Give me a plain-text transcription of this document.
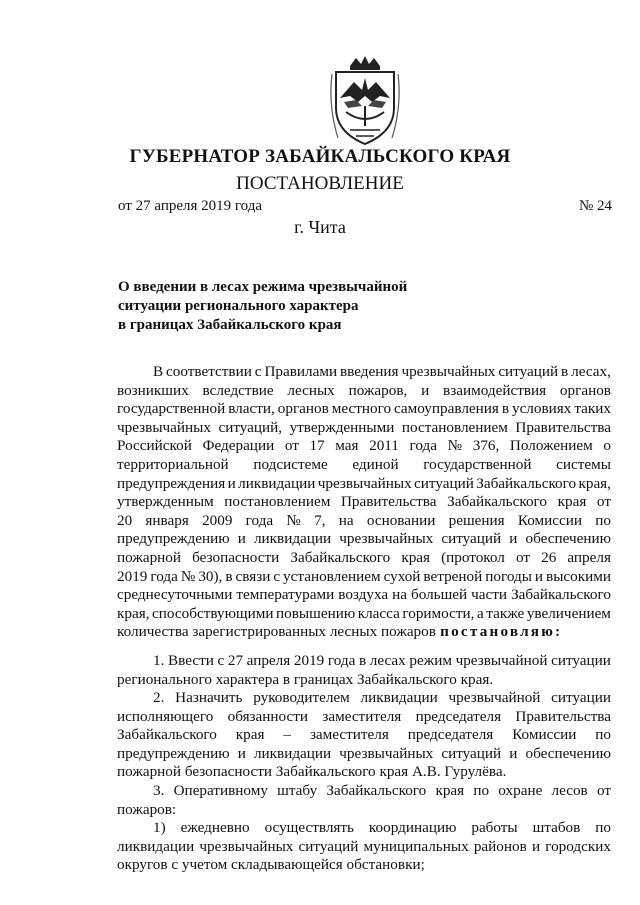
ГУБЕРНАТОР ЗАБАЙКАЛЬСКОГО КРАЯ
ПОСТАНОВЛЕНИЕ
от 27 апреля 2019 года	№ 24
г. Чита
О введении в лесах режима чрезвычайной
ситуации регионального характера
в границах Забайкальского края
В соответствии с Правилами введения чрезвычайных ситуаций в лесах,
возникших вследствие лесных пожаров, и взаимодействия органов
государственной власти, органов местного самоуправления в условиях таких
чрезвычайных ситуаций, утвержденными постановлением Правительства
Российской Федерации от 17 мая 2011 года № 376, Положением о
территориальной подсистеме единой государственной системы
предупреждения и ликвидации чрезвычайных ситуаций Забайкальского края,
утвержденным постановлением Правительства Забайкальского края от
20 января 2009 года № 7, на основании решения Комиссии по
предупреждению и ликвидации чрезвычайных ситуаций и обеспечению
пожарной безопасности Забайкальского края (протокол от 26 апреля
2019 года № 30), в связи с установлением сухой ветреной погоды и высокими
среднесуточными температурами воздуха на большей части Забайкальского
края, способствующими повышению класса горимости, а также увеличением
количества зарегистрированных лесных пожаров постановляю:
1. Ввести с 27 апреля 2019 года в лесах режим чрезвычайной ситуации
регионального характера в границах Забайкальского края.
2. Назначить руководителем ликвидации чрезвычайной ситуации
исполняющего обязанности заместителя председателя Правительства
Забайкальского края – заместителя председателя Комиссии по
предупреждению и ликвидации чрезвычайных ситуаций и обеспечению
пожарной безопасности Забайкальского края А.В. Гурулёва.
3. Оперативному штабу Забайкальского края по охране лесов от
пожаров:
1) ежедневно осуществлять координацию работы штабов по
ликвидации чрезвычайных ситуаций муниципальных районов и городских
округов с учетом складывающейся обстановки;
